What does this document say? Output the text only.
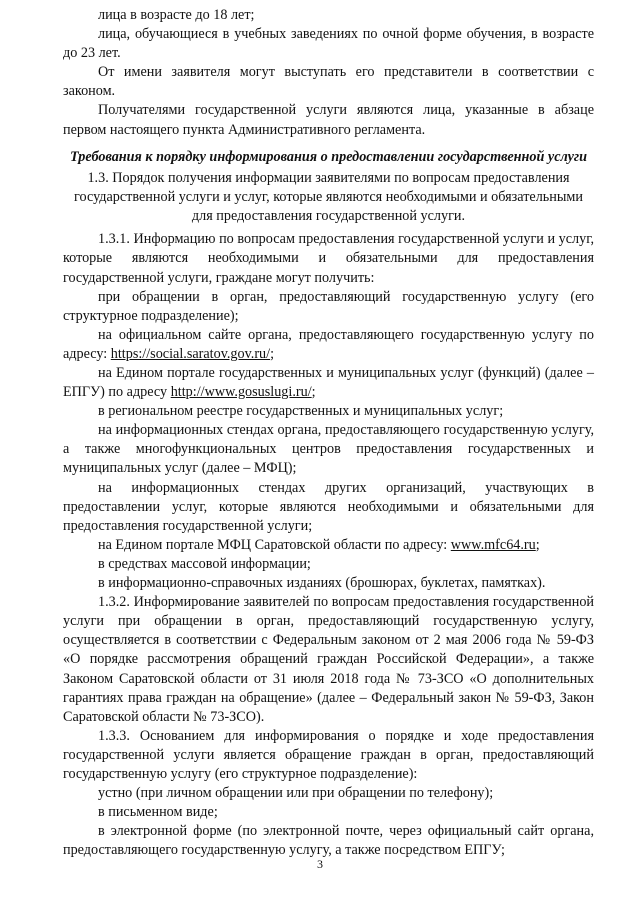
лица в возрасте до 18 лет;

лица, обучающиеся в учебных заведениях по очной форме обучения, в возрасте до 23 лет.

От имени заявителя могут выступать его представители в соответствии с законом.

Получателями государственной услуги являются лица, указанные в абзаце первом настоящего пункта Административного регламента.

Требования к порядку информирования о предоставлении государственной услуги

1.3. Порядок получения информации заявителями по вопросам предоставления государственной услуги и услуг, которые являются необходимыми и обязательными для предоставления государственной услуги.

1.3.1. Информацию по вопросам предоставления государственной услуги и услуг, которые являются необходимыми и обязательными для предоставления государственной услуги, граждане могут получить:

при обращении в орган, предоставляющий государственную услугу (его структурное подразделение);

на официальном сайте органа, предоставляющего государственную услугу по адресу: https://social.saratov.gov.ru/;

на Едином портале государственных и муниципальных услуг (функций) (далее – ЕПГУ) по адресу http://www.gosuslugi.ru/;

в региональном реестре государственных и муниципальных услуг;

на информационных стендах органа, предоставляющего государственную услугу, а также многофункциональных центров предоставления государственных и муниципальных услуг (далее – МФЦ);

на информационных стендах других организаций, участвующих в предоставлении услуг, которые являются необходимыми и обязательными для предоставления государственной услуги;

на Едином портале МФЦ Саратовской области по адресу: www.mfc64.ru;

в средствах массовой информации;

в информационно-справочных изданиях (брошюрах, буклетах, памятках).

1.3.2. Информирование заявителей по вопросам предоставления государственной услуги при обращении в орган, предоставляющий государственную услугу, осуществляется в соответствии с Федеральным законом от 2 мая 2006 года № 59-ФЗ «О порядке рассмотрения обращений граждан Российской Федерации», а также Законом Саратовской области от 31 июля 2018 года № 73-ЗСО «О дополнительных гарантиях права граждан на обращение» (далее – Федеральный закон № 59-ФЗ, Закон Саратовской области № 73-ЗСО).

1.3.3. Основанием для информирования о порядке и ходе предоставления государственной услуги является обращение граждан в орган, предоставляющий государственную услугу (его структурное подразделение):

устно (при личном обращении или при обращении по телефону);

в письменном виде;

в электронной форме (по электронной почте, через официальный сайт органа, предоставляющего государственную услугу, а также посредством ЕПГУ;

3
